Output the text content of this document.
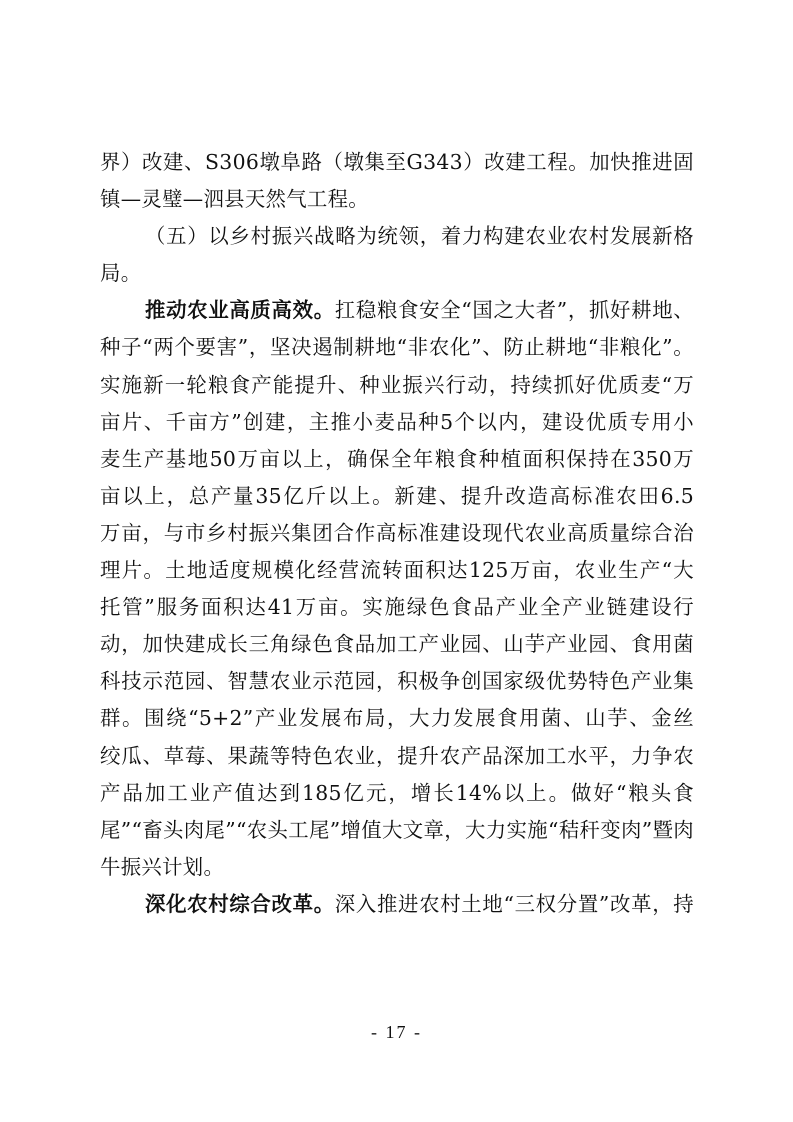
界）改建、S306墩阜路（墩集至G343）改建工程。加快推进固
镇—灵璧—泗县天然气工程。
（五）以乡村振兴战略为统领，着力构建农业农村发展新格
局。
推动农业高质高效。扛稳粮食安全“国之大者”，抓好耕地、
种子“两个要害”，坚决遏制耕地“非农化”、防止耕地“非粮化”。
实施新一轮粮食产能提升、种业振兴行动，持续抓好优质麦“万
亩片、千亩方”创建，主推小麦品种5个以内，建设优质专用小
麦生产基地50万亩以上，确保全年粮食种植面积保持在350万
亩以上，总产量35亿斤以上。新建、提升改造高标准农田6.5
万亩，与市乡村振兴集团合作高标准建设现代农业高质量综合治
理片。土地适度规模化经营流转面积达125万亩，农业生产“大
托管”服务面积达41万亩。实施绿色食品产业全产业链建设行
动，加快建成长三角绿色食品加工产业园、山芋产业园、食用菌
科技示范园、智慧农业示范园，积极争创国家级优势特色产业集
群。围绕“5+2”产业发展布局，大力发展食用菌、山芋、金丝
绞瓜、草莓、果蔬等特色农业，提升农产品深加工水平，力争农
产品加工业产值达到185亿元，增长14%以上。做好“粮头食
尾”“畜头肉尾”“农头工尾”增值大文章，大力实施“秸秆变肉”暨肉
牛振兴计划。
深化农村综合改革。深入推进农村土地“三权分置”改革，持
- 17 -
